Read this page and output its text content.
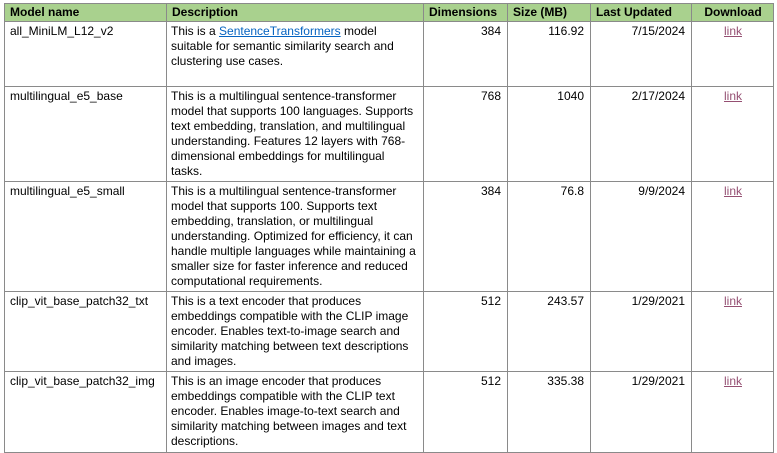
Model name	Description	Dimensions	Size (MB)	Last Updated	Download
all_MiniLM_L12_v2	This is a SentenceTransformers model suitable for semantic similarity search and clustering use cases.	384	116.92	7/15/2024	link
multilingual_e5_base	This is a multilingual sentence-transformer model that supports 100 languages. Supports text embedding, translation, and multilingual understanding. Features 12 layers with 768-dimensional embeddings for multilingual tasks.	768	1040	2/17/2024	link
multilingual_e5_small	This is a multilingual sentence-transformer model that supports 100. Supports text embedding, translation, or multilingual understanding. Optimized for efficiency, it can handle multiple languages while maintaining a smaller size for faster inference and reduced computational requirements.	384	76.8	9/9/2024	link
clip_vit_base_patch32_txt	This is a text encoder that produces embeddings compatible with the CLIP image encoder. Enables text-to-image search and similarity matching between text descriptions and images.	512	243.57	1/29/2021	link
clip_vit_base_patch32_img	This is an image encoder that produces embeddings compatible with the CLIP text encoder. Enables image-to-text search and similarity matching between images and text descriptions.	512	335.38	1/29/2021	link
